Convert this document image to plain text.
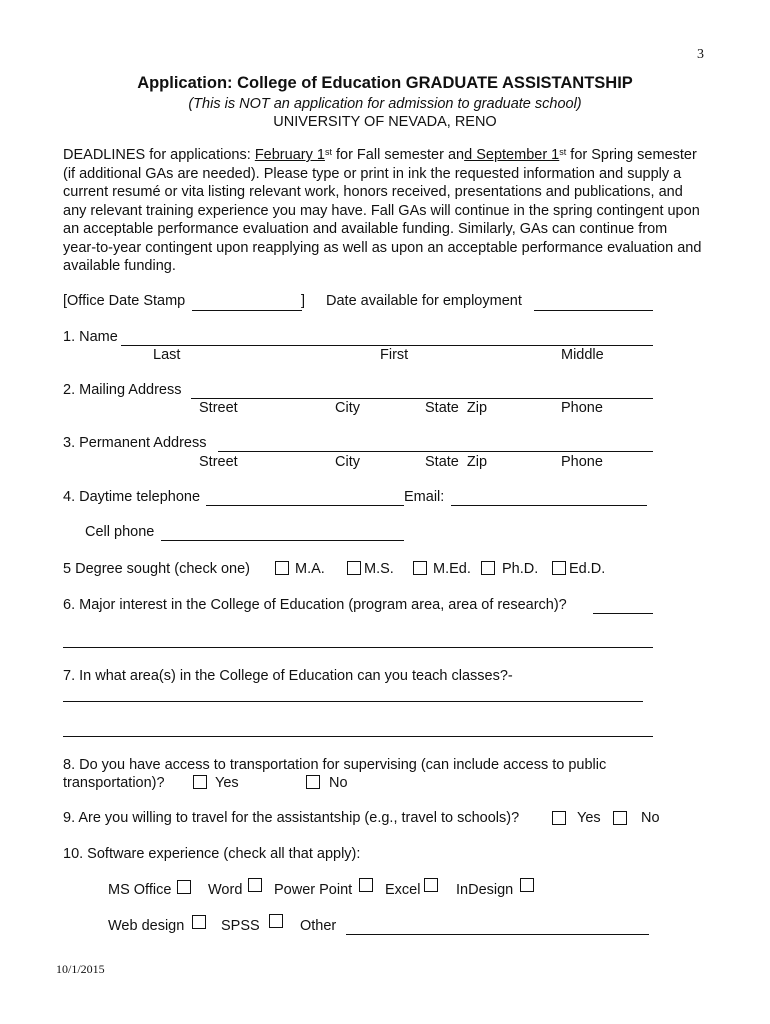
3
Application: College of Education GRADUATE ASSISTANTSHIP
(This is NOT an application for admission to graduate school)
UNIVERSITY OF NEVADA, RENO
DEADLINES for applications: February 1st for Fall semester and September 1st for Spring semester (if additional GAs are needed). Please type or print in ink the requested information and supply a current resumé or vita listing relevant work, honors received, presentations and publications, and any relevant training experience you may have. Fall GAs will continue in the spring contingent upon an acceptable performance evaluation and available funding. Similarly, GAs can continue from year-to-year contingent upon reapplying as well as upon an acceptable performance evaluation and available funding.
[Office Date Stamp	] Date available for employment
1. Name
Last	First	Middle
2. Mailing Address
Street	City	State  Zip	Phone
3. Permanent Address
Street	City	State  Zip	Phone
4. Daytime telephone	Email:
Cell phone
5 Degree sought (check one)	M.A.	M.S.	M.Ed. Ph.D. Ed.D.
6. Major interest in the College of Education (program area, area of research)?
7. In what area(s) in the College of Education can you teach classes?-
8. Do you have access to transportation for supervising (can include access to public
transportation)?	Yes	No
9. Are you willing to travel for the assistantship (e.g., travel to schools)?	Yes	No
10. Software experience (check all that apply):
MS Office	Word Power Point Excel InDesign
Web design	SPSS	Other
10/1/2015
